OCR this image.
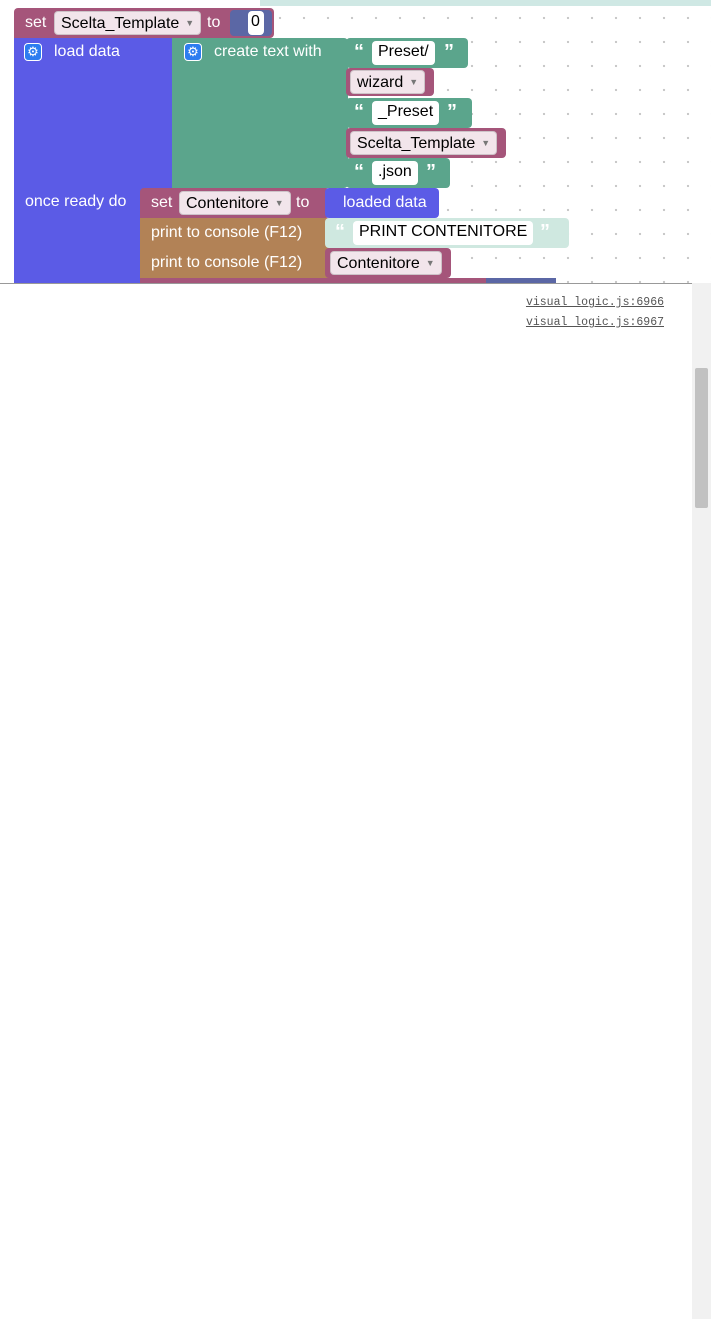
set Scelta_Template ▼ to 0
⚙ load data
once ready do
⚙ create text with “ Preset/ ”
wizard ▼
“ _Preset ”
Scelta_Template ▼
“ .json ”
set Contenitore ▼ to loaded data
print to console (F12) “ PRINT CONTENITORE ”
print to console (F12)	Contenitore ▼
visual logic.js:6966
visual logic.js:6967
